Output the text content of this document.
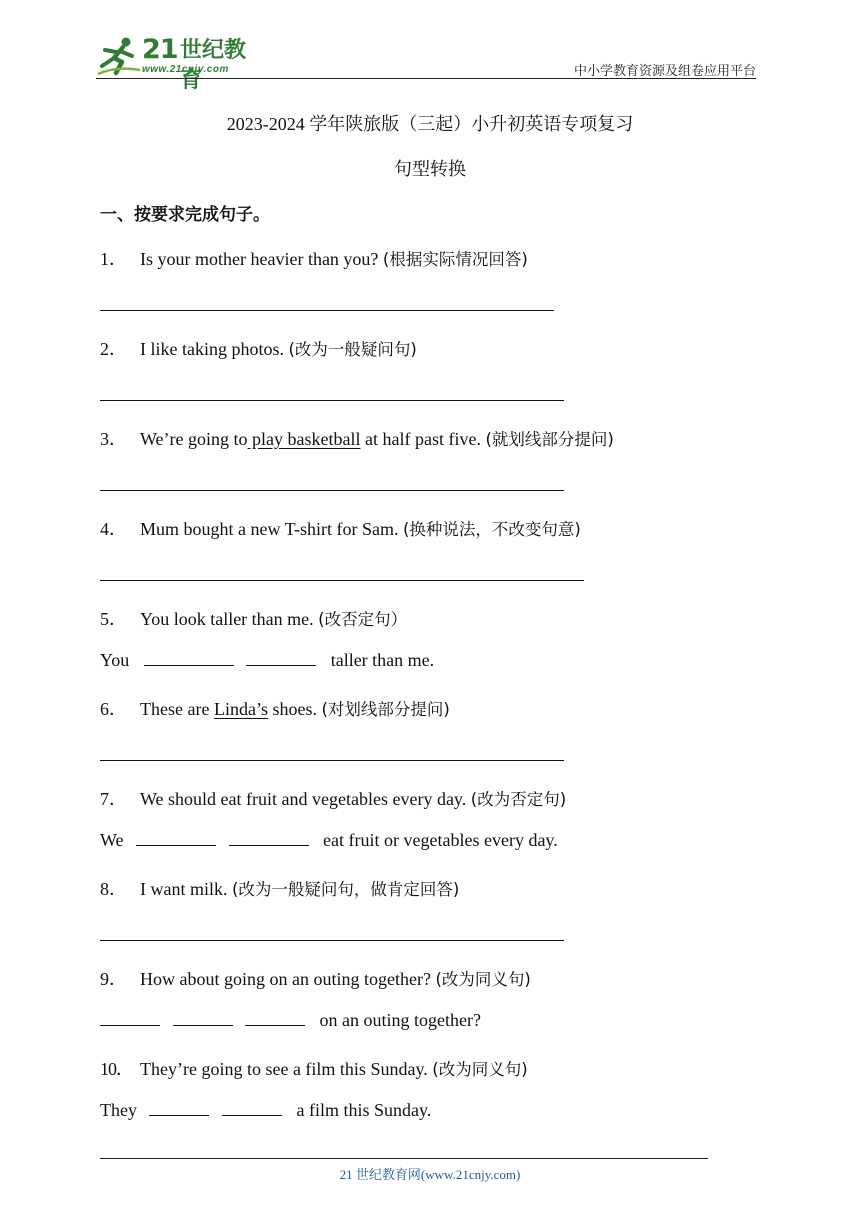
21 世纪教育
www.21cnjy.com	中小学教育资源及组卷应用平台
2023-2024 学年陕旅版（三起）小升初英语专项复习
句型转换
一、按要求完成句子。
1． Is your mother heavier than you? (根据实际情况回答)
2． I like taking photos. (改为一般疑问句)
3． We’re going to play basketball at half past five. (就划线部分提问)
4． Mum bought a new T-shirt for Sam. (换种说法，不改变句意)
5． You look taller than me. (改否定句）
You	taller than me.
6． These are Linda’s shoes. (对划线部分提问)
7． We should eat fruit and vegetables every day. (改为否定句)
We	eat fruit or vegetables every day.
8． I want milk. (改为一般疑问句，做肯定回答)
9． How about going on an outing together? (改为同义句)
on an outing together?
10． They’re going to see a film this Sunday. (改为同义句)
They	a film this Sunday.
21 世纪教育网(www.21cnjy.com)
